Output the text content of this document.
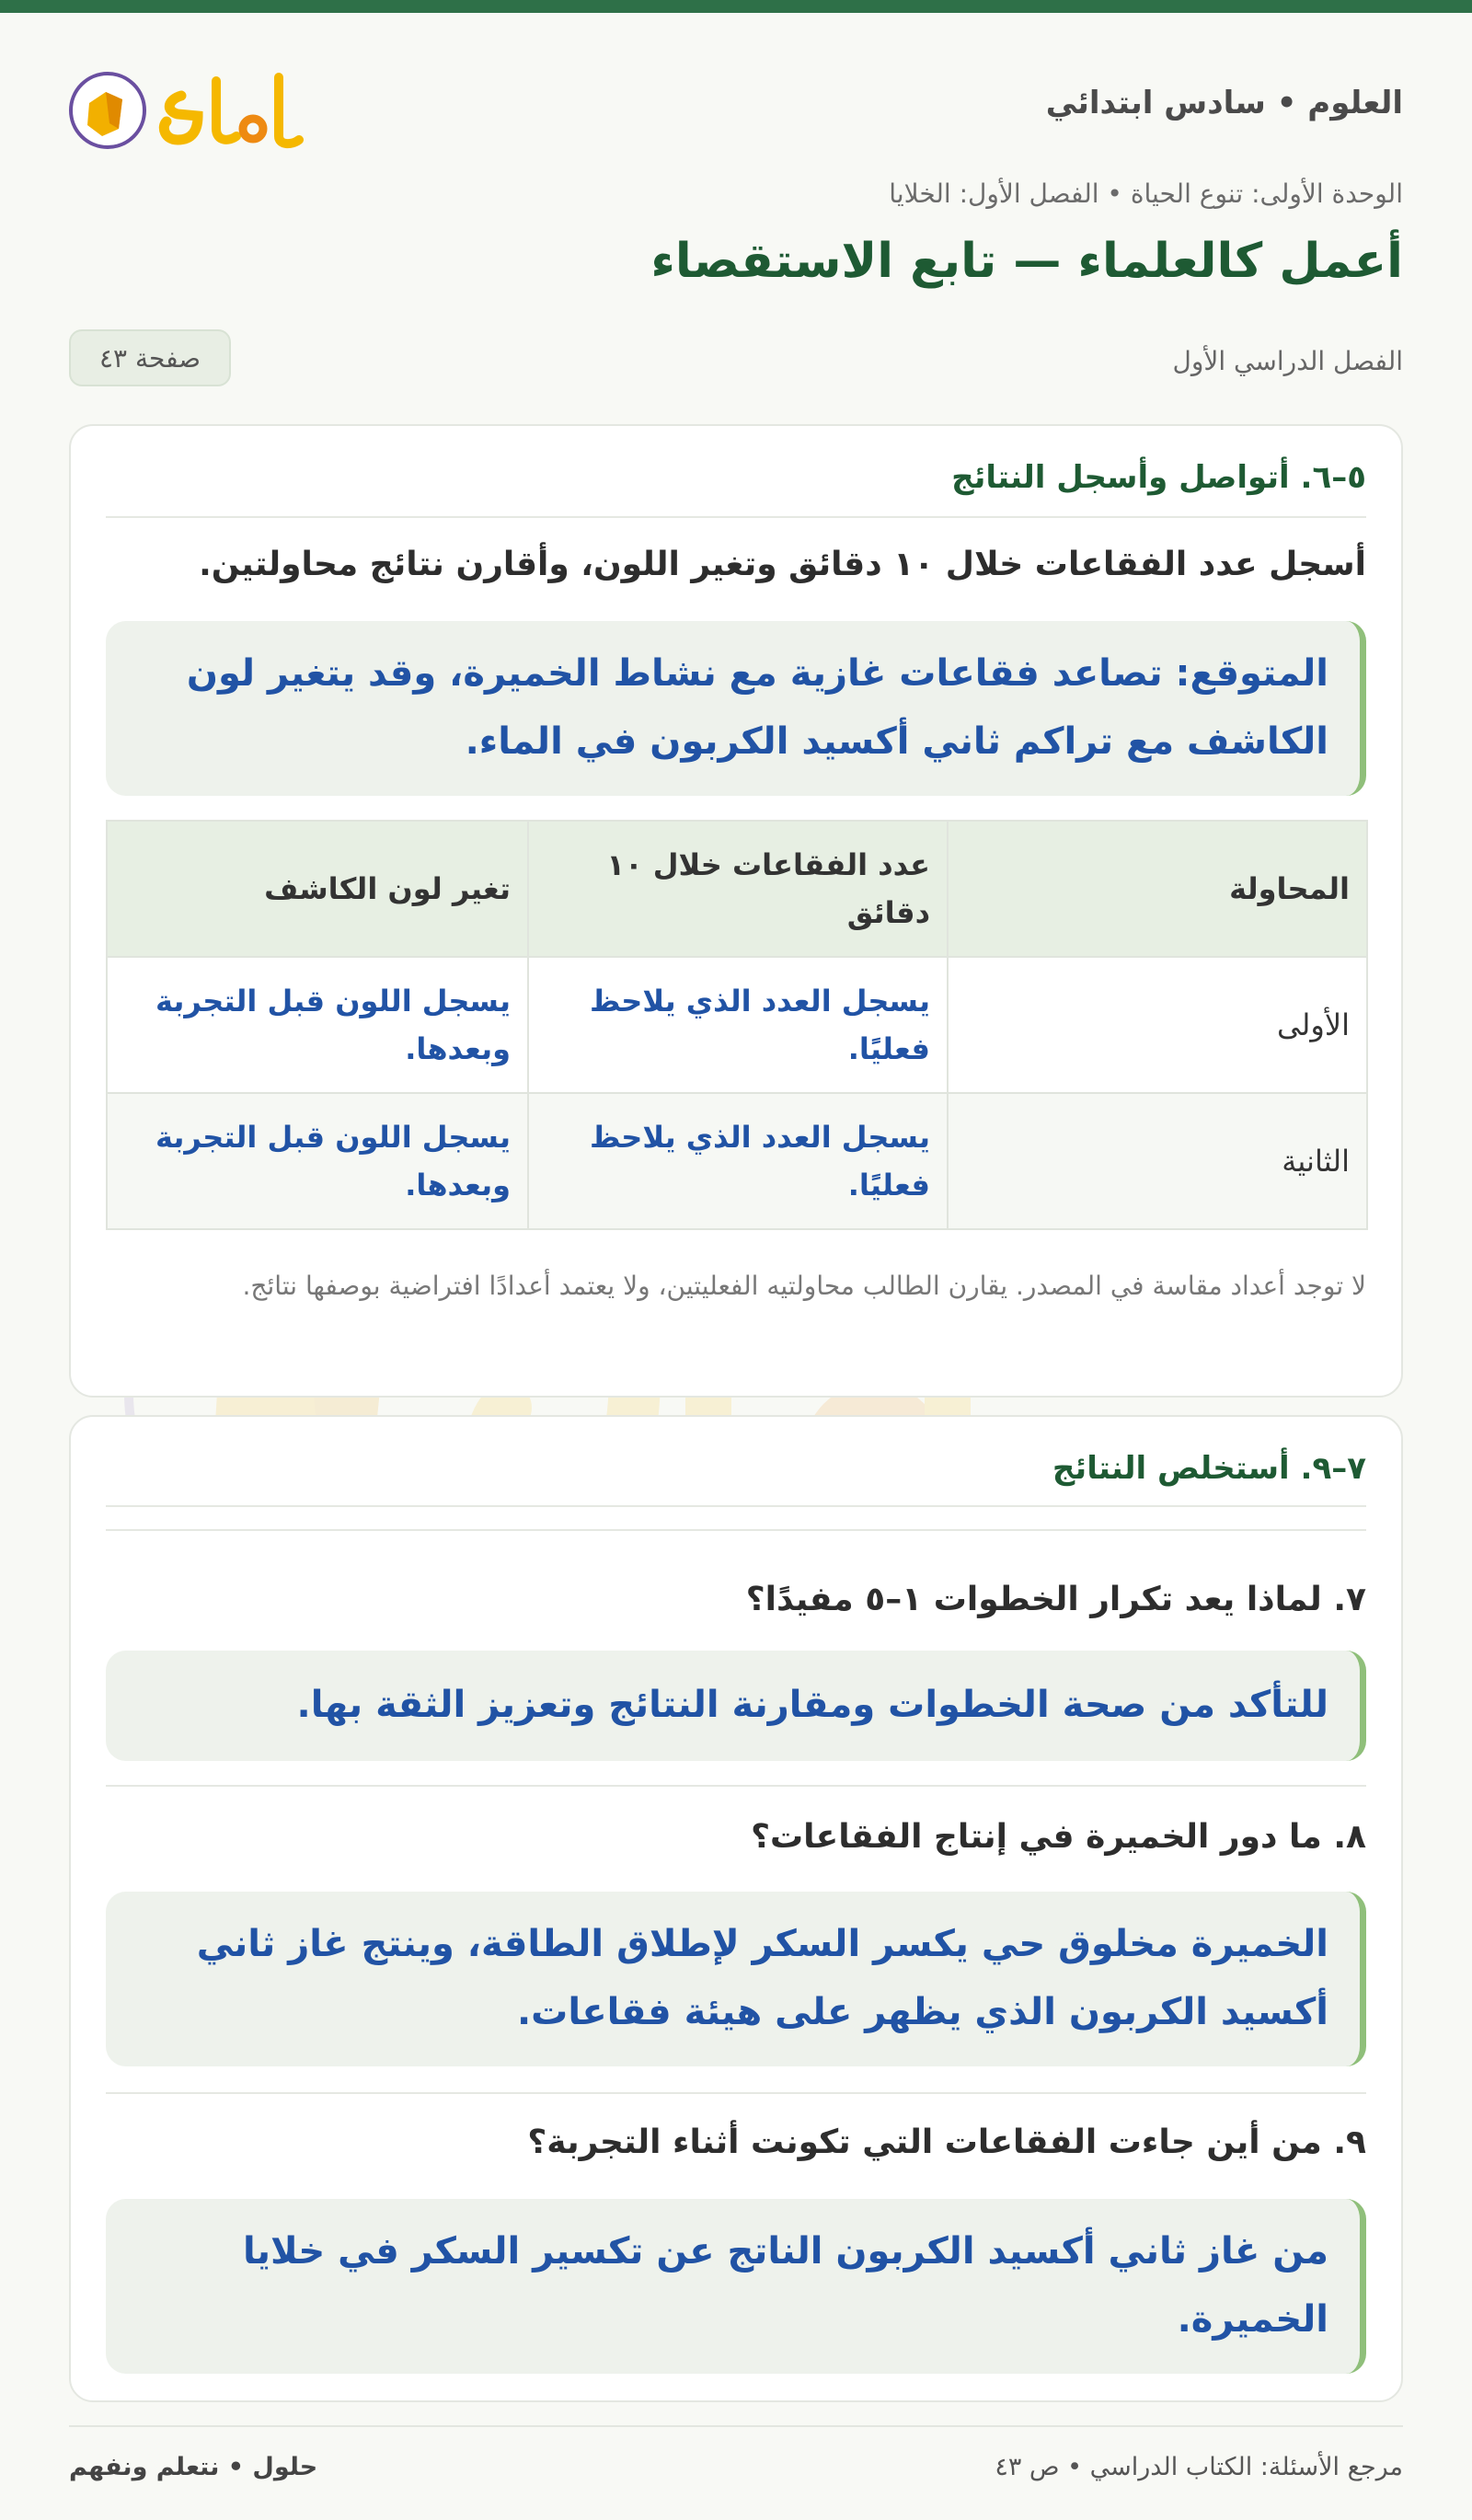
العلوم • سادس ابتدائي
الوحدة الأولى: تنوع الحياة • الفصل الأول: الخلايا
أعمل كالعلماء — تابع الاستقصاء
الفصل الدراسي الأول
صفحة ٤٣
٥–٦. أتواصل وأسجل النتائج
أسجل عدد الفقاعات خلال ١٠ دقائق وتغير اللون، وأقارن نتائج محاولتين.
المتوقع: تصاعد فقاعات غازية مع نشاط الخميرة، وقد يتغير لون الكاشف مع تراكم ثاني أكسيد الكربون في الماء.
المحاولة	عدد الفقاعات خلال ١٠ دقائق	تغير لون الكاشف
الأولى	يسجل العدد الذي يلاحظ فعليًا.	يسجل اللون قبل التجربة وبعدها.
الثانية	يسجل العدد الذي يلاحظ فعليًا.	يسجل اللون قبل التجربة وبعدها.
لا توجد أعداد مقاسة في المصدر. يقارن الطالب محاولتيه الفعليتين، ولا يعتمد أعدادًا افتراضية بوصفها نتائج.
٧–٩. أستخلص النتائج
٧. لماذا يعد تكرار الخطوات ١–٥ مفيدًا؟
للتأكد من صحة الخطوات ومقارنة النتائج وتعزيز الثقة بها.
٨. ما دور الخميرة في إنتاج الفقاعات؟
الخميرة مخلوق حي يكسر السكر لإطلاق الطاقة، وينتج غاز ثاني أكسيد الكربون الذي يظهر على هيئة فقاعات.
٩. من أين جاءت الفقاعات التي تكونت أثناء التجربة؟
من غاز ثاني أكسيد الكربون الناتج عن تكسير السكر في خلايا الخميرة.
مرجع الأسئلة: الكتاب الدراسي • ص ٤٣
حلول • نتعلم ونفهم
